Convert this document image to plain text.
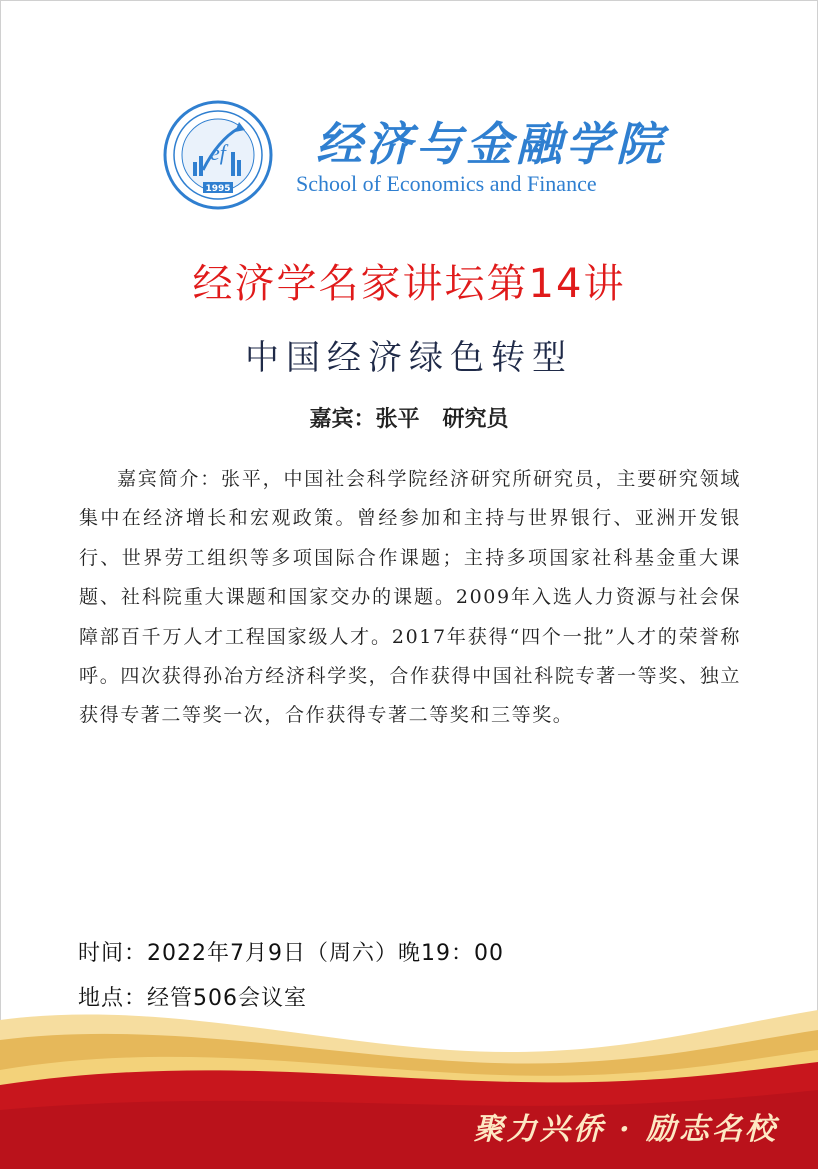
ef
1995
经济与金融学院
School of Economics and Finance
经济学名家讲坛第14讲
中国经济绿色转型
嘉宾：张平   研究员

嘉宾简介：张平，中国社会科学院经济研究所研究员，主要研究领域集中在经济增长和宏观政策。曾经参加和主持与世界银行、亚洲开发银行、世界劳工组织等多项国际合作课题；主持多项国家社科基金重大课题、社科院重大课题和国家交办的课题。2009年入选人力资源与社会保障部百千万人才工程国家级人才。2017年获得“四个一批”人才的荣誉称呼。四次获得孙冶方经济科学奖，合作获得中国社科院专著一等奖、独立获得专著二等奖一次，合作获得专著二等奖和三等奖。

时间：2022年7月9日（周六）晚19：00
地点：经管506会议室
聚力兴侨 · 励志名校
